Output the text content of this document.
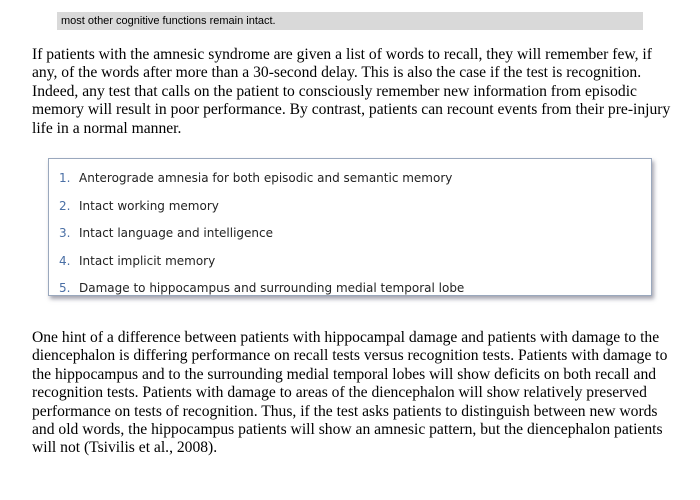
most other cognitive functions remain intact.

If patients with the amnesic syndrome are given a list of words to recall, they will remember few, if any, of the words after more than a 30-second delay. This is also the case if the test is recognition. Indeed, any test that calls on the patient to consciously remember new information from episodic memory will result in poor performance. By contrast, patients can recount events from their pre-injury life in a normal manner.

1. Anterograde amnesia for both episodic and semantic memory
2. Intact working memory
3. Intact language and intelligence
4. Intact implicit memory
5. Damage to hippocampus and surrounding medial temporal lobe

One hint of a difference between patients with hippocampal damage and patients with damage to the diencephalon is differing performance on recall tests versus recognition tests. Patients with damage to the hippocampus and to the surrounding medial temporal lobes will show deficits on both recall and recognition tests. Patients with damage to areas of the diencephalon will show relatively preserved performance on tests of recognition. Thus, if the test asks patients to distinguish between new words and old words, the hippocampus patients will show an amnesic pattern, but the diencephalon patients will not (Tsivilis et al., 2008).
